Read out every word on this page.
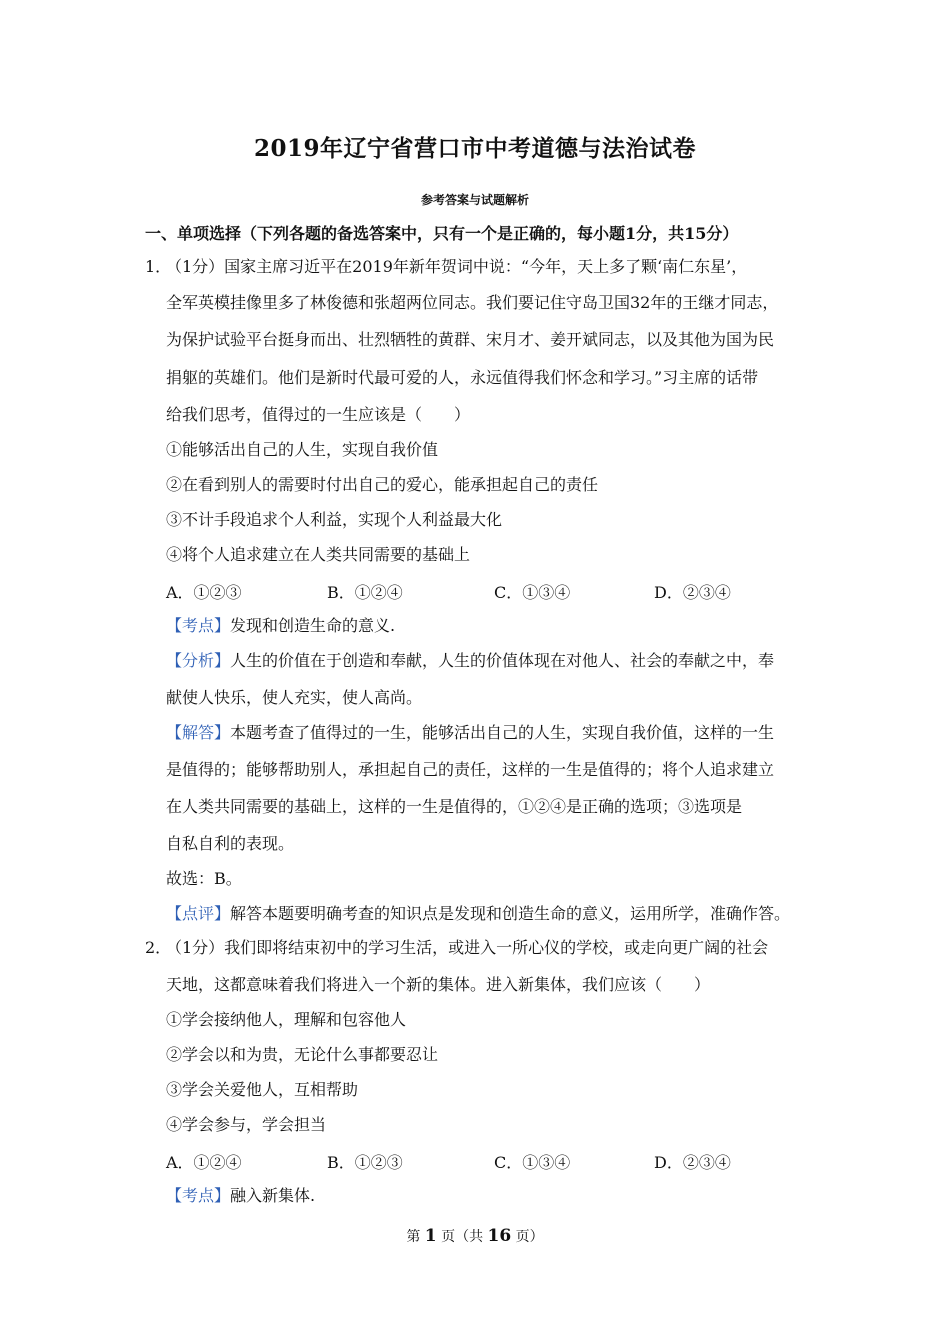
2019年辽宁省营口市中考道德与法治试卷
参考答案与试题解析
一、单项选择（下列各题的备选答案中，只有一个是正确的，每小题1分，共15分）
1．
（1分）国家主席习近平在2019年新年贺词中说：“今年，天上多了颗‘南仁东星’，
全军英模挂像里多了林俊德和张超两位同志。我们要记住守岛卫国32年的王继才同志，
为保护试验平台挺身而出、壮烈牺牲的黄群、宋月才、姜开斌同志，以及其他为国为民
捐躯的英雄们。他们是新时代最可爱的人，永远值得我们怀念和学习。”习主席的话带
给我们思考，值得过的一生应该是（　　）
①能够活出自己的人生，实现自我价值
②在看到别人的需要时付出自己的爱心，能承担起自己的责任
③不计手段追求个人利益，实现个人利益最大化
④将个人追求建立在人类共同需要的基础上
A．①②③	B．①②④	C．①③④	D．②③④
【考点】发现和创造生命的意义.
【分析】人生的价值在于创造和奉献，人生的价值体现在对他人、社会的奉献之中，奉
献使人快乐，使人充实，使人高尚。
【解答】本题考查了值得过的一生，能够活出自己的人生，实现自我价值，这样的一生
是值得的；能够帮助别人，承担起自己的责任，这样的一生是值得的；将个人追求建立
在人类共同需要的基础上，这样的一生是值得的，①②④是正确的选项；③选项是
自私自利的表现。
故选：B。
【点评】解答本题要明确考查的知识点是发现和创造生命的意义，运用所学，准确作答。
2．
（1分）我们即将结束初中的学习生活，或进入一所心仪的学校，或走向更广阔的社会
天地，这都意味着我们将进入一个新的集体。进入新集体，我们应该（　　）
①学会接纳他人，理解和包容他人
②学会以和为贵，无论什么事都要忍让
③学会关爱他人，互相帮助
④学会参与，学会担当
A．①②④	B．①②③	C．①③④	D．②③④
【考点】融入新集体.
第 1 页（共 16 页）
